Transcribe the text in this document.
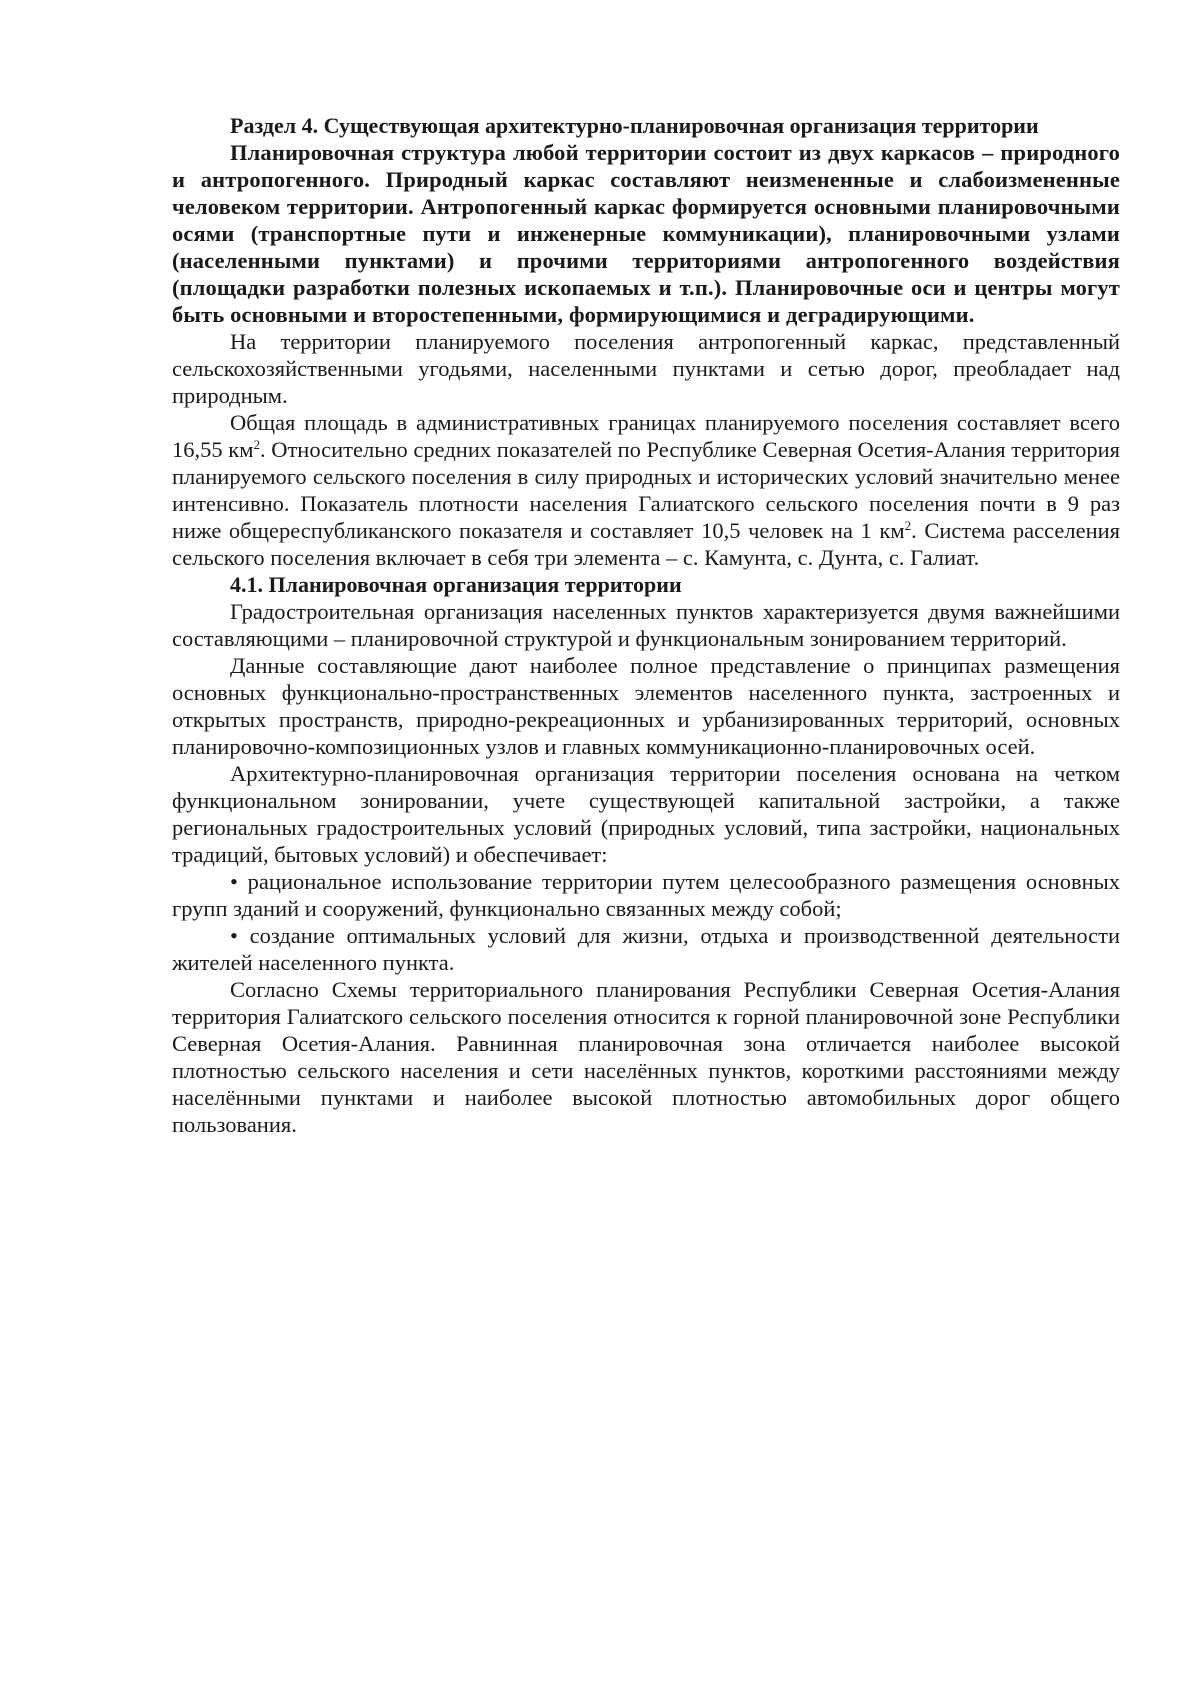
Раздел 4. Существующая архитектурно-планировочная организация территории

Планировочная структура любой территории состоит из двух каркасов – природного и антропогенного. Природный каркас составляют неизмененные и слабоизмененные человеком территории. Антропогенный каркас формируется основными планировочными осями (транспортные пути и инженерные коммуникации), планировочными узлами (населенными пунктами) и прочими территориями антропогенного воздействия (площадки разработки полезных ископаемых и т.п.). Планировочные оси и центры могут быть основными и второстепенными, формирующимися и деградирующими.

На территории планируемого поселения антропогенный каркас, представленный сельскохозяйственными угодьями, населенными пунктами и сетью дорог, преобладает над природным.

Общая площадь в административных границах планируемого поселения составляет всего 16,55 $км^2$. Относительно средних показателей по Республике Северная Осетия-Алания территория планируемого сельского поселения в силу природных и исторических условий значительно менее интенсивно. Показатель плотности населения Галиатского сельского поселения почти в 9 раз ниже общереспубликанского показателя и составляет 10,5 человек на 1 $км^2$. Система расселения сельского поселения включает в себя три элемента – с. Камунта, с. Дунта, с. Галиат.

4.1. Планировочная организация территории

Градостроительная организация населенных пунктов характеризуется двумя важнейшими составляющими – планировочной структурой и функциональным зонированием территорий.

Данные составляющие дают наиболее полное представление о принципах размещения основных функционально-пространственных элементов населенного пункта, застроенных и открытых пространств, природно-рекреационных и урбанизированных территорий, основных планировочно-композиционных узлов и главных коммуникационно-планировочных осей.

Архитектурно-планировочная организация территории поселения основана на четком функциональном зонировании, учете существующей капитальной застройки, а также региональных градостроительных условий (природных условий, типа застройки, национальных традиций, бытовых условий) и обеспечивает:

• рациональное использование территории путем целесообразного размещения основных групп зданий и сооружений, функционально связанных между собой;

• создание оптимальных условий для жизни, отдыха и производственной деятельности жителей населенного пункта.

Согласно Схемы территориального планирования Республики Северная Осетия-Алания территория Галиатского сельского поселения относится к горной планировочной зоне Республики Северная Осетия-Алания. Равнинная планировочная зона отличается наиболее высокой плотностью сельского населения и сети населённых пунктов, короткими расстояниями между населёнными пунктами и наиболее высокой плотностью автомобильных дорог общего пользования.
